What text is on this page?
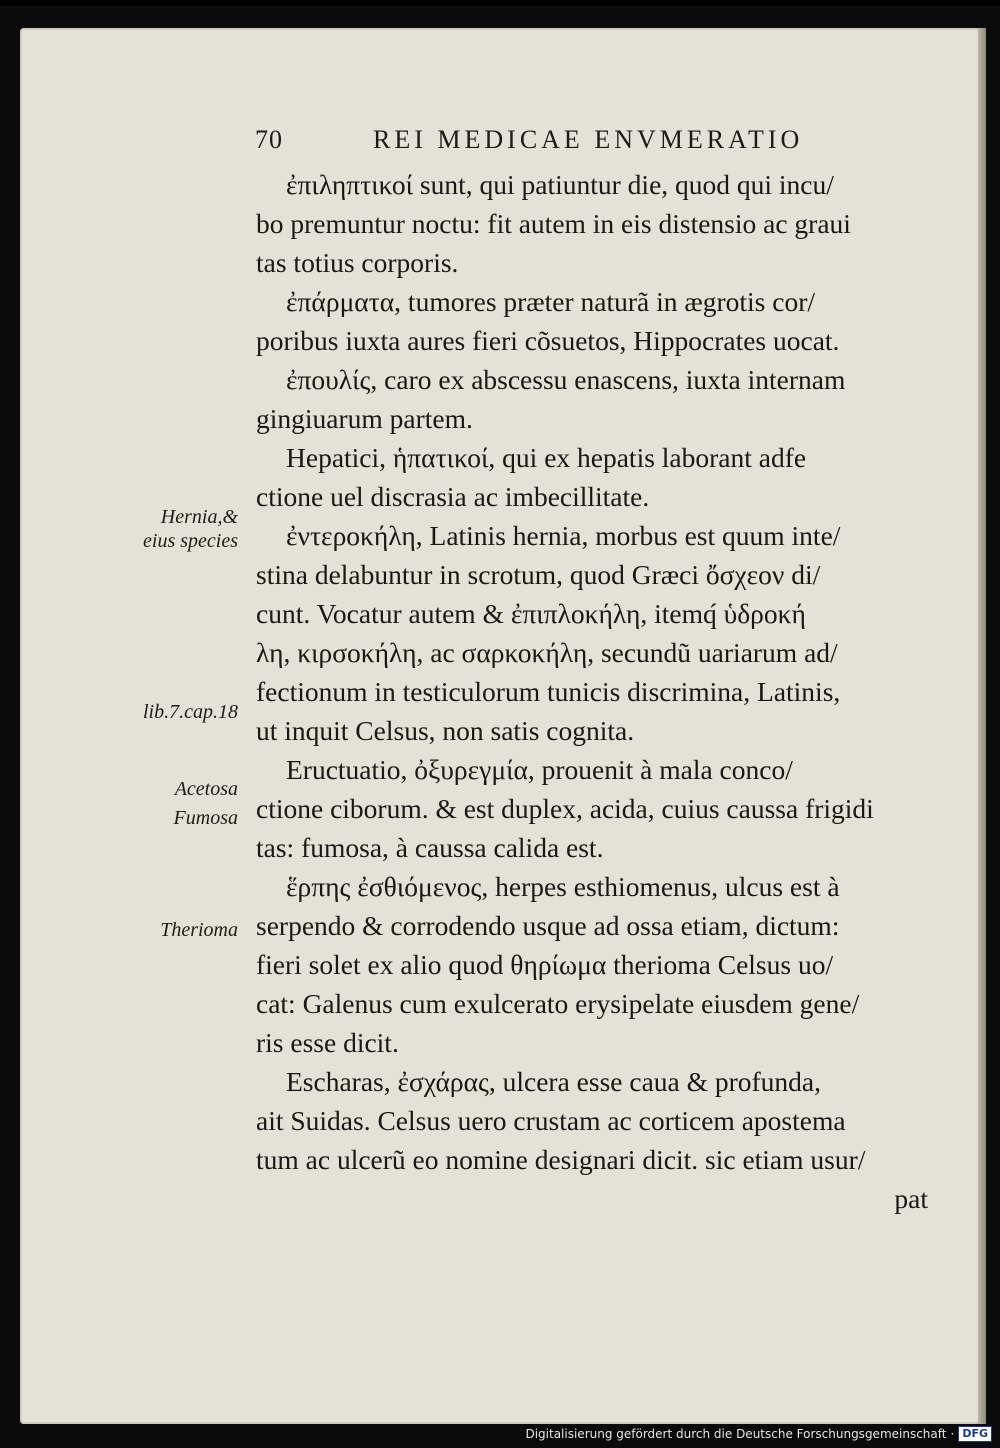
70	REI MEDICAE ENVMERATIO
ἐπιληπτικοί sunt, qui patiuntur die, quod qui incu/
bo premuntur noctu: fit autem in eis distensio ac graui
tas totius corporis.
ἐπάρματα, tumores præter naturã in ægrotis cor/
poribus iuxta aures fieri cõsuetos, Hippocrates uocat.
ἐπουλίς, caro ex abscessu enascens, iuxta internam
gingiuarum partem.
Hepatici, ἡπατικοί, qui ex hepatis laborant adfe
ctione uel discrasia ac imbecillitate.
ἐντεροκήλη, Latinis hernia, morbus est quum inte/
stina delabuntur in scrotum, quod Græci ὄσχεον di/
cunt. Vocatur autem & ἐπιπλοκήλη, itemq́ ὑδροκή
λη, κιρσοκήλη, ac σαρκοκήλη, secundũ uariarum ad/
fectionum in testiculorum tunicis discrimina, Latinis,
ut inquit Celsus, non satis cognita.
Eructuatio, ὀξυρεγμία, prouenit à mala conco/
ctione ciborum. & est duplex, acida, cuius caussa frigidi
tas: fumosa, à caussa calida est.
ἕρπης ἐσθιόμενος, herpes esthiomenus, ulcus est à
serpendo & corrodendo usque ad ossa etiam, dictum:
fieri solet ex alio quod θηρίωμα therioma Celsus uo/
cat: Galenus cum exulcerato erysipelate eiusdem gene/
ris esse dicit.
Escharas, ἐσχάρας, ulcera esse caua & profunda,
ait Suidas. Celsus uero crustam ac corticem apostema
tum ac ulcerũ eo nomine designari dicit. sic etiam usur/
pat
Hernia,&
eius species
lib.7.cap.18
Acetosa
Fumosa
Therioma
Digitalisierung gefördert durch die Deutsche Forschungsgemeinschaft · DFG
